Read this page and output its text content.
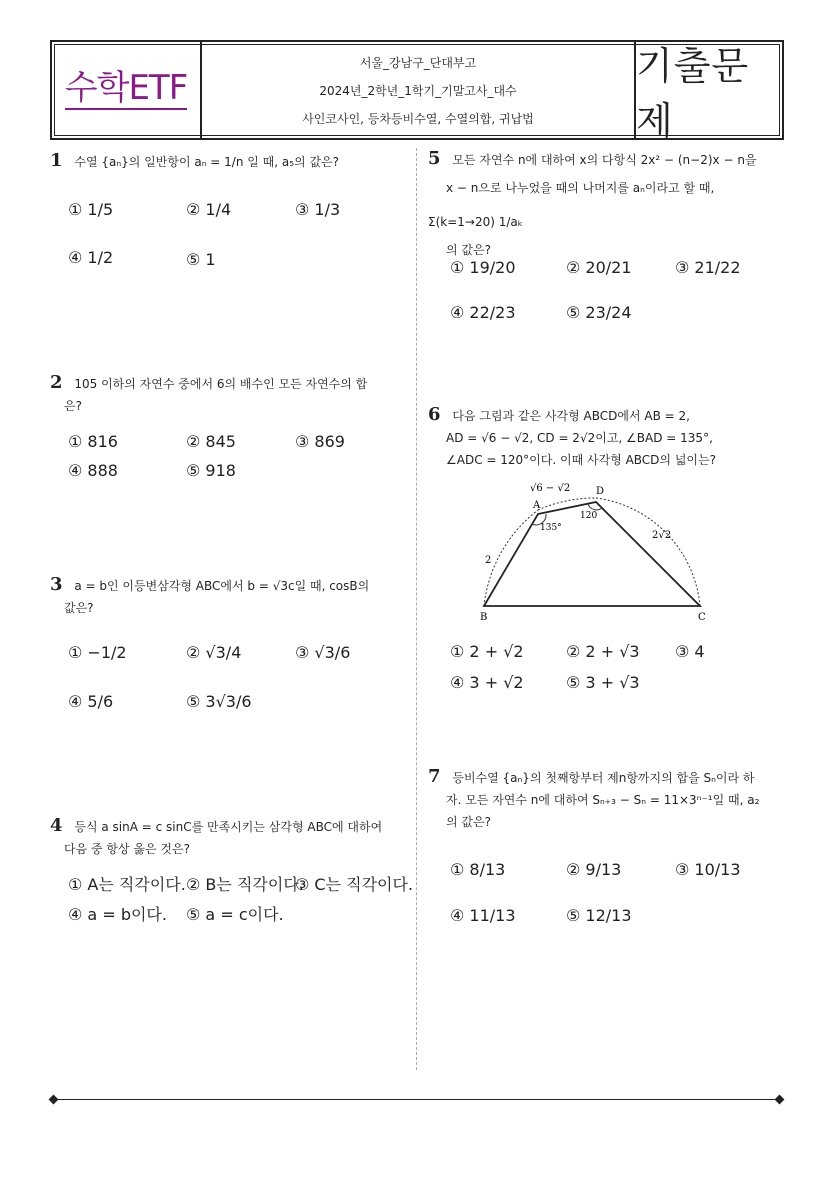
수학ETF
서울_강남구_단대부고
2024년_2학년_1학기_기말고사_대수
사인코사인, 등차등비수열, 수열의합, 귀납법
기출문제
1 수열 {aₙ}의 일반항이 aₙ = 1/n 일 때, a₅의 값은?
① 1/5	② 1/4	③ 1/3
④ 1/2	⑤ 1
2 105 이하의 자연수 중에서 6의 배수인 모든 자연수의 합
은?
① 816	② 845	③ 869
④ 888	⑤ 918
3 a = b인 이등변삼각형 ABC에서 b = √3c일 때, cosB의
값은?
① −1/2	② √3/4	③ √3/6
④ 5/6	⑤ 3√3/6
4 등식 a sinA = c sinC를 만족시키는 삼각형 ABC에 대하여
다음 중 항상 옳은 것은?
① A는 직각이다. ② B는 직각이다.
③ C는 직각이다.
④ a = b이다. ⑤ a = c이다.
5 모든 자연수 n에 대하여 x의 다항식 2x² − (n−2)x − n을
x − n으로 나누었을 때의 나머지를 aₙ이라고 할 때, Σ(k=1→20) 1/aₖ
의 값은?
① 19/20	② 20/21	③ 21/22
④ 22/23	⑤ 23/24
6 다음 그림과 같은 사각형 ABCD에서 AB = 2,
AD = √6 − √2, CD = 2√2이고, ∠BAD = 135°,
∠ADC = 120°이다. 이때 사각형 ABCD의 넓이는?
A
B	C
D
2
√6 − √2
2√2
135°
120
① 2 + √2	② 2 + √3 ③ 4
④ 3 + √2	⑤ 3 + √3
7 등비수열 {aₙ}의 첫째항부터 제n항까지의 합을 Sₙ이라 하
자. 모든 자연수 n에 대하여 Sₙ₊₃ − Sₙ = 11×3ⁿ⁻¹일 때, a₂
의 값은?
① 8/13	② 9/13	③ 10/13
④ 11/13	⑤ 12/13
